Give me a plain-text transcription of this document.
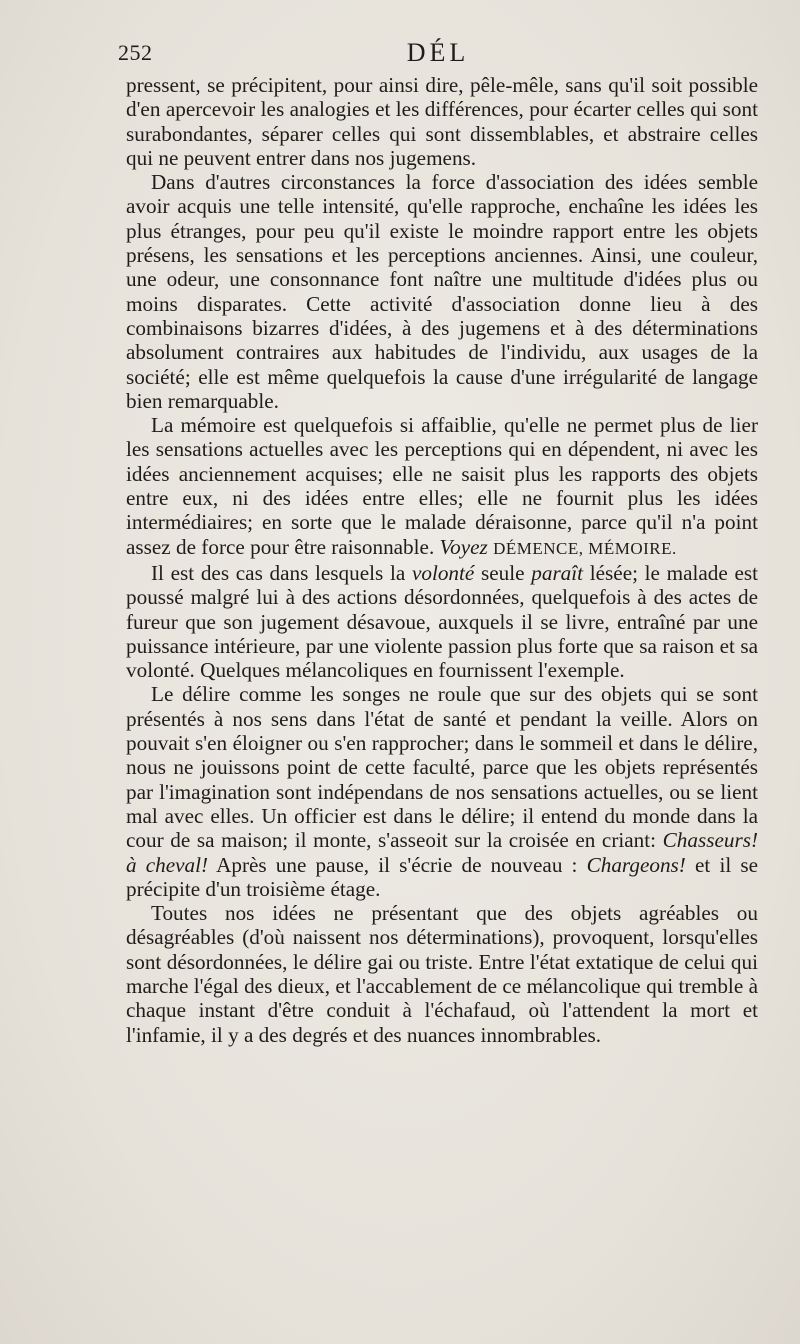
252	DÉL

pressent, se précipitent, pour ainsi dire, pêle-mêle, sans qu'il soit possible d'en apercevoir les analogies et les différences, pour écarter celles qui sont surabondantes, séparer celles qui sont dissemblables, et abstraire celles qui ne peuvent entrer dans nos jugemens.

Dans d'autres circonstances la force d'association des idées semble avoir acquis une telle intensité, qu'elle rapproche, enchaîne les idées les plus étranges, pour peu qu'il existe le moindre rapport entre les objets présens, les sensations et les perceptions anciennes. Ainsi, une couleur, une odeur, une consonnance font naître une multitude d'idées plus ou moins disparates. Cette activité d'association donne lieu à des combinaisons bizarres d'idées, à des jugemens et à des déterminations absolument contraires aux habitudes de l'individu, aux usages de la société; elle est même quelquefois la cause d'une irrégularité de langage bien remarquable.

La mémoire est quelquefois si affaiblie, qu'elle ne permet plus de lier les sensations actuelles avec les perceptions qui en dépendent, ni avec les idées anciennement acquises; elle ne saisit plus les rapports des objets entre eux, ni des idées entre elles; elle ne fournit plus les idées intermédiaires; en sorte que le malade déraisonne, parce qu'il n'a point assez de force pour être raisonnable. Voyez DÉMENCE, MÉMOIRE.

Il est des cas dans lesquels la volonté seule paraît lésée; le malade est poussé malgré lui à des actions désordonnées, quelquefois à des actes de fureur que son jugement désavoue, auxquels il se livre, entraîné par une puissance intérieure, par une violente passion plus forte que sa raison et sa volonté. Quelques mélancoliques en fournissent l'exemple.

Le délire comme les songes ne roule que sur des objets qui se sont présentés à nos sens dans l'état de santé et pendant la veille. Alors on pouvait s'en éloigner ou s'en rapprocher; dans le sommeil et dans le délire, nous ne jouissons point de cette faculté, parce que les objets représentés par l'imagination sont indépendans de nos sensations actuelles, ou se lient mal avec elles. Un officier est dans le délire; il entend du monde dans la cour de sa maison; il monte, s'asseoit sur la croisée en criant: Chasseurs! à cheval! Après une pause, il s'écrie de nouveau : Chargeons! et il se précipite d'un troisième étage.

Toutes nos idées ne présentant que des objets agréables ou désagréables (d'où naissent nos déterminations), provoquent, lorsqu'elles sont désordonnées, le délire gai ou triste. Entre l'état extatique de celui qui marche l'égal des dieux, et l'accablement de ce mélancolique qui tremble à chaque instant d'être conduit à l'échafaud, où l'attendent la mort et l'infamie, il y a des degrés et des nuances innombrables.
